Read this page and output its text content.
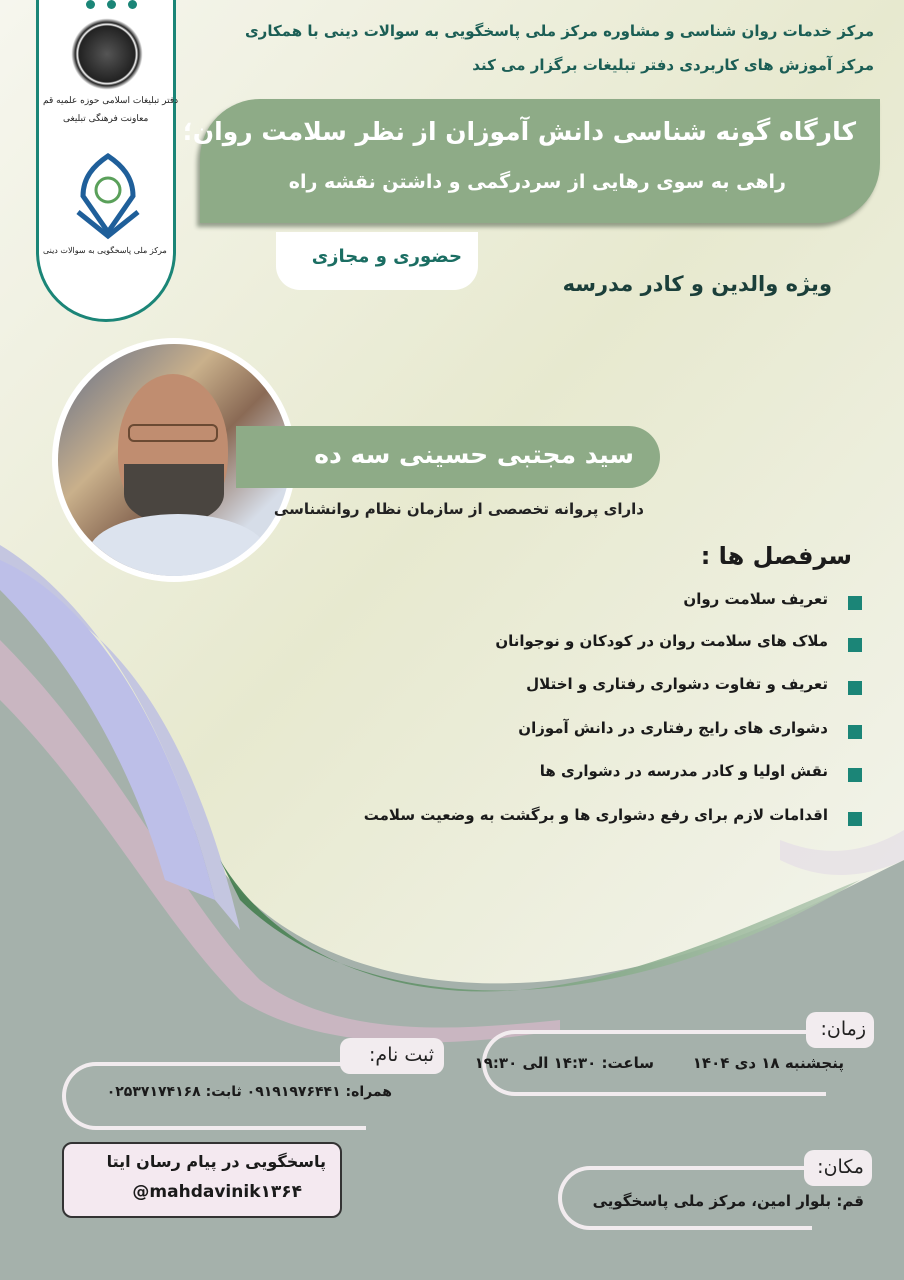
دفتر تبلیغات اسلامی حوزه علمیه قم
معاونت فرهنگی تبلیغی
مرکز ملی پاسخگویی به سوالات دینی
مرکز خدمات روان شناسی و مشاوره مرکز ملی پاسخگویی به سوالات دینی با همکاری
مرکز آموزش های کاربردی دفتر تبلیغات برگزار می کند
کارگاه گونه شناسی دانش آموزان از نظر سلامت روان؛
راهی به سوی رهایی از سردرگمی و داشتن نقشه راه
حضوری و مجازی
ویژه والدین و کادر مدرسه
سید مجتبی حسینی سه ده
دارای پروانه تخصصی از سازمان نظام روانشناسی
سرفصل ها :
تعریف سلامت روان
ملاک های سلامت روان در کودکان و نوجوانان
تعریف و تفاوت دشواری رفتاری و اختلال
دشواری های رایج رفتاری در دانش آموزان
نقش اولیا و کادر مدرسه در دشواری ها
اقدامات لازم برای رفع دشواری ها و برگشت به وضعیت سلامت
زمان:
پنجشنبه ۱۸ دی ۱۴۰۴
ساعت: ۱۴:۳۰ الی ۱۹:۳۰
ثبت نام:
همراه: ۰۹۱۹۱۹۷۶۴۴۱ ثابت: ۰۲۵۳۷۱۷۴۱۶۸
پاسخگویی در پیام رسان ایتا
@mahdavinik۱۳۶۴
مکان:
قم: بلوار امین، مرکز ملی پاسخگویی
